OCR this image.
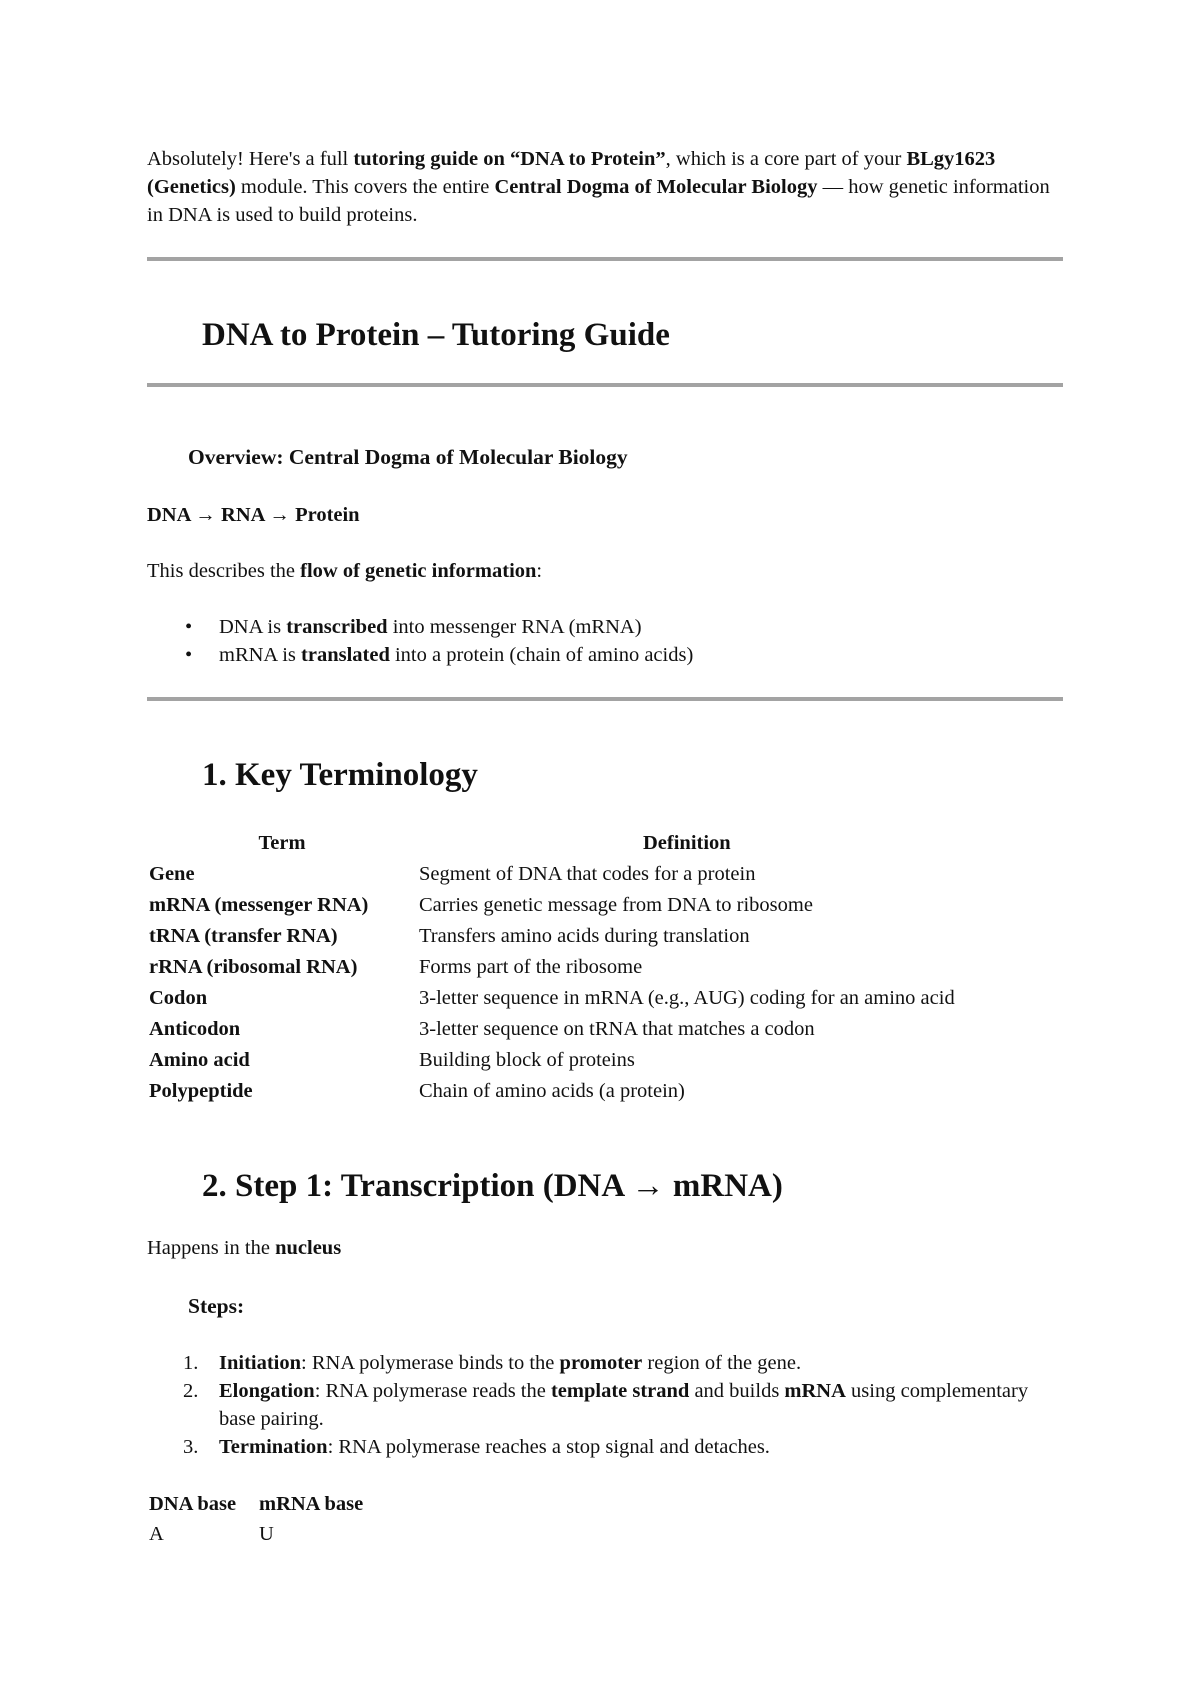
Absolutely! Here's a full tutoring guide on “DNA to Protein”, which is a core part of your BLgy1623 (Genetics) module. This covers the entire Central Dogma of Molecular Biology — how genetic information in DNA is used to build proteins.

DNA to Protein – Tutoring Guide
Overview: Central Dogma of Molecular Biology

DNA → RNA → Protein

This describes the flow of genetic information:

• DNA is transcribed into messenger RNA (mRNA)
• mRNA is translated into a protein (chain of amino acids)
1. Key Terminology
Term	Definition
Gene	Segment of DNA that codes for a protein
mRNA (messenger RNA)	Carries genetic message from DNA to ribosome
tRNA (transfer RNA)	Transfers amino acids during translation
rRNA (ribosomal RNA)	Forms part of the ribosome
Codon	3-letter sequence in mRNA (e.g., AUG) coding for an amino acid
Anticodon	3-letter sequence on tRNA that matches a codon
Amino acid	Building block of proteins
Polypeptide	Chain of amino acids (a protein)
2. Step 1: Transcription (DNA → mRNA)

Happens in the nucleus

Steps:
1. Initiation: RNA polymerase binds to the promoter region of the gene.
2. Elongation: RNA polymerase reads the template strand and builds mRNA using complementary base pairing.
3. Termination: RNA polymerase reaches a stop signal and detaches.
DNA base	mRNA base
A	U
